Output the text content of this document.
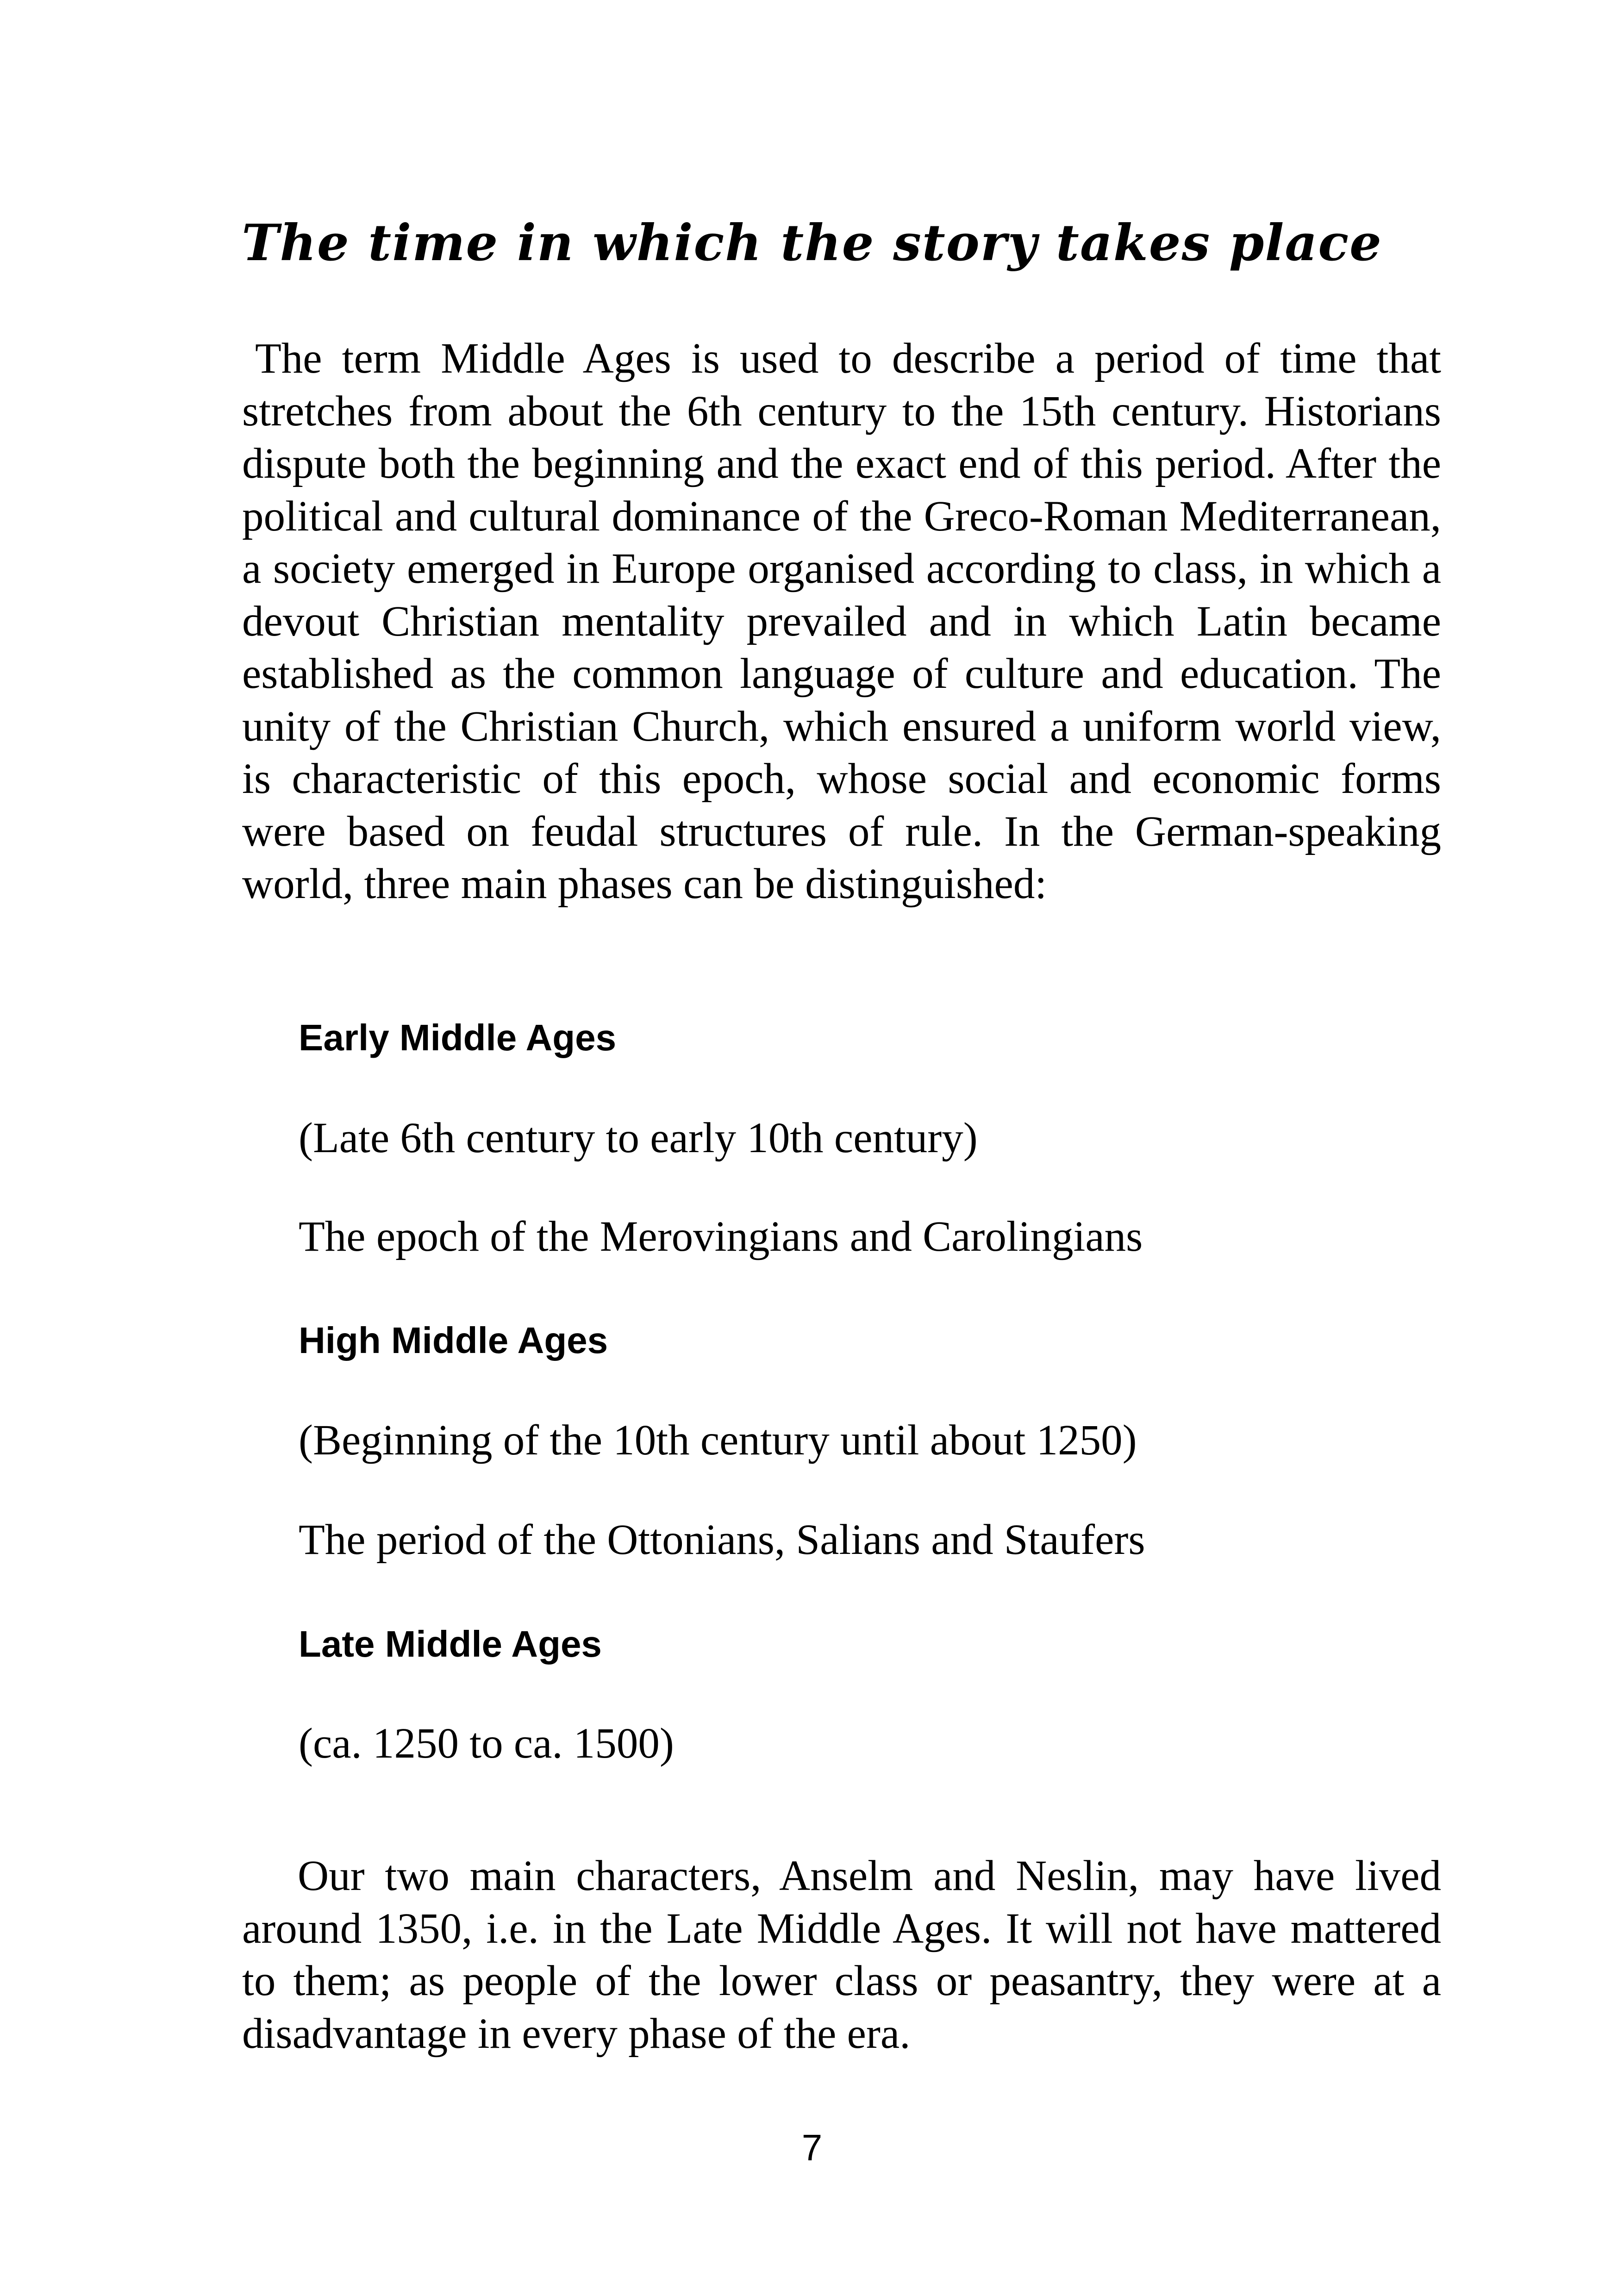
The time in which the story takes place

The term Middle Ages is used to describe a period of time that stretches from about the 6th century to the 15th century. Historians dispute both the beginning and the exact end of this period. After the political and cultural dominance of the Greco-Roman Mediterranean, a society emerged in Europe organised according to class, in which a devout Christian mentality prevailed and in which Latin became established as the common language of culture and education. The unity of the Christian Church, which ensured a uniform world view, is characteristic of this epoch, whose social and economic forms were based on feudal structures of rule. In the German-speaking world, three main phases can be distinguished:

Early Middle Ages

(Late 6th century to early 10th century)

The epoch of the Merovingians and Carolingians

High Middle Ages

(Beginning of the 10th century until about 1250)

The period of the Ottonians, Salians and Staufers

Late Middle Ages

(ca. 1250 to ca. 1500)

Our two main characters, Anselm and Neslin, may have lived around 1350, i.e. in the Late Middle Ages. It will not have mattered to them; as people of the lower class or peasantry, they were at a disadvantage in every phase of the era.

7
